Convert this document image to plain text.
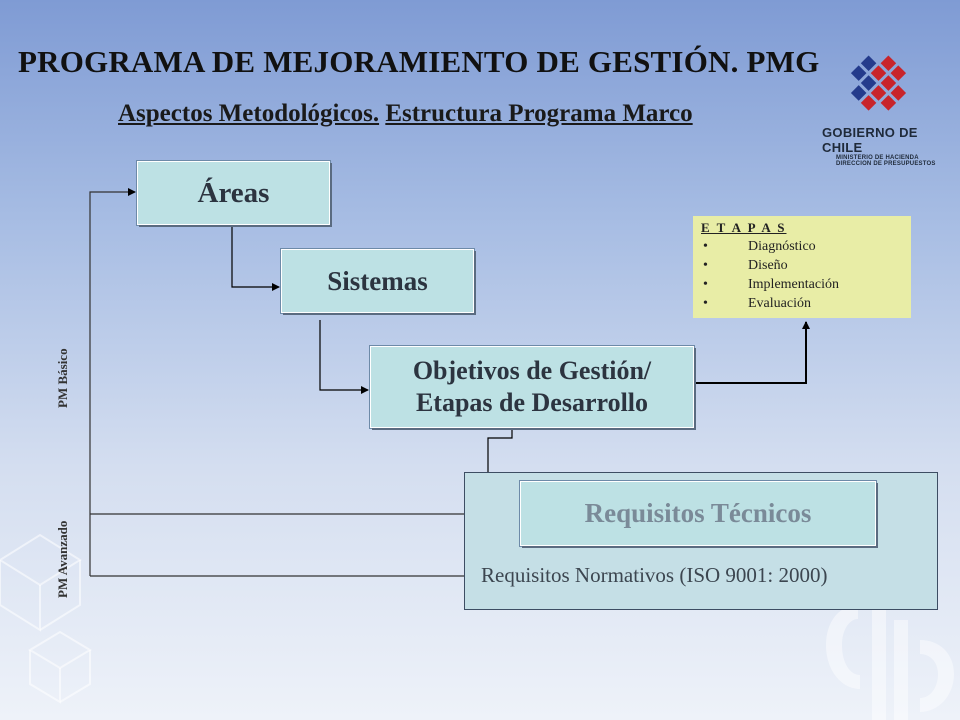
GOBIERNO DE CHILE
MINISTERIO DE HACIENDA
DIRECCION DE PRESUPUESTOS
PROGRAMA DE MEJORAMIENTO DE GESTIÓN. PMG
Aspectos Metodológicos. Estructura Programa Marco
E T A P A S
• Diagnóstico
• Diseño
• Implementación
• Evaluación
Requisitos Normativos (ISO 9001: 2000)
Áreas
Sistemas
Objetivos de Gestión/
Etapas de Desarrollo
Requisitos Técnicos
PM Básico
PM Avanzado
